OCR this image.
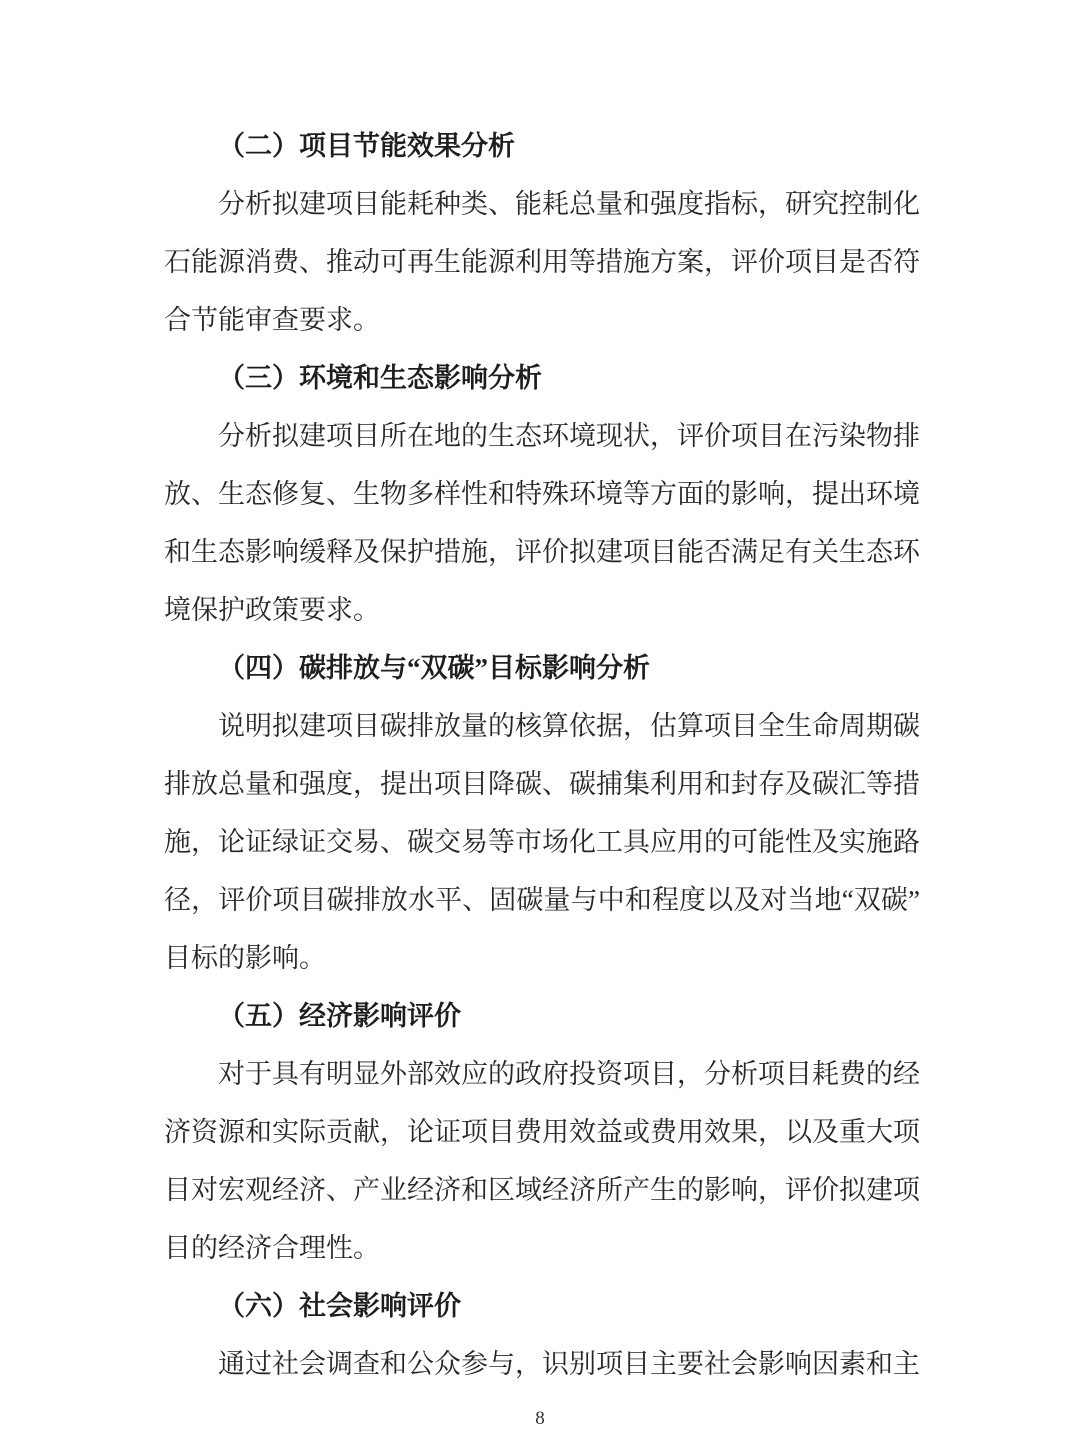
（二）项目节能效果分析
分析拟建项目能耗种类、能耗总量和强度指标，研究控制化
石能源消费、推动可再生能源利用等措施方案，评价项目是否符
合节能审查要求。
（三）环境和生态影响分析
分析拟建项目所在地的生态环境现状，评价项目在污染物排
放、生态修复、生物多样性和特殊环境等方面的影响，提出环境
和生态影响缓释及保护措施，评价拟建项目能否满足有关生态环
境保护政策要求。
（四）碳排放与“双碳”目标影响分析
说明拟建项目碳排放量的核算依据，估算项目全生命周期碳
排放总量和强度，提出项目降碳、碳捕集利用和封存及碳汇等措
施，论证绿证交易、碳交易等市场化工具应用的可能性及实施路
径，评价项目碳排放水平、固碳量与中和程度以及对当地“双碳”
目标的影响。
（五）经济影响评价
对于具有明显外部效应的政府投资项目，分析项目耗费的经
济资源和实际贡献，论证项目费用效益或费用效果，以及重大项
目对宏观经济、产业经济和区域经济所产生的影响，评价拟建项
目的经济合理性。
（六）社会影响评价
通过社会调查和公众参与，识别项目主要社会影响因素和主
8
